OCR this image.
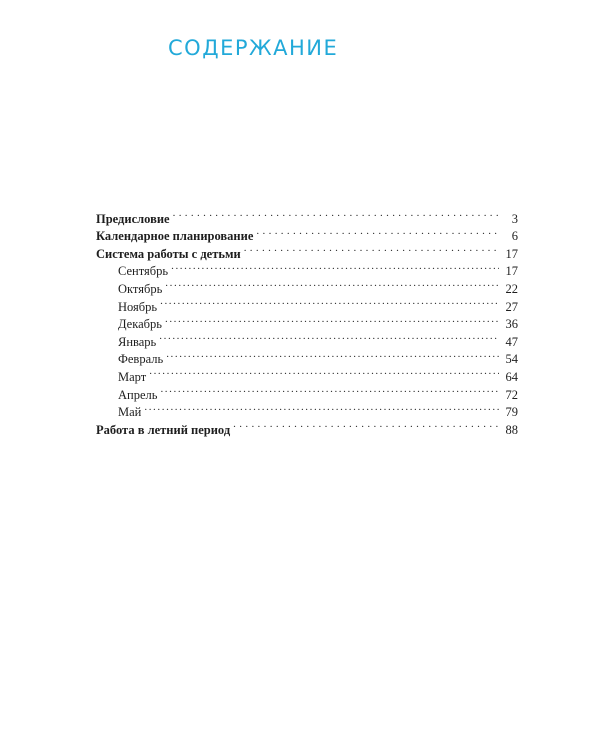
СОДЕРЖАНИЕ
Предисловие . . .	3
Календарное планирование . . .	6
Система работы с детьми . . .	17
Сентябрь .....	17
Октябрь .....	22
Ноябрь .....	27
Декабрь .....	36
Январь .....	47
Февраль .....	54
Март .....	64
Апрель .....	72
Май .....	79
Работа в летний период . . .	88
